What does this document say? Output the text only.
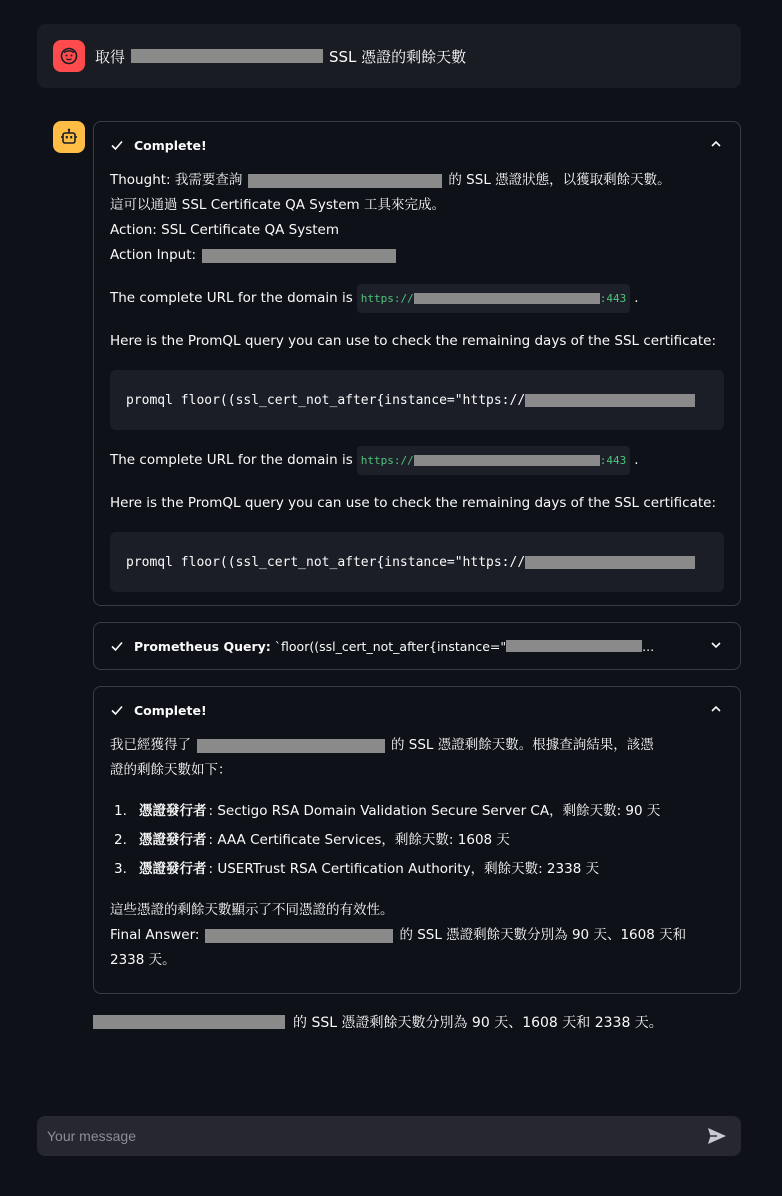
取得	SSL 憑證的剩餘天數
Complete!
Thought: 我需要查詢	的 SSL 憑證狀態，以獲取剩餘天數。
這可以通過 SSL Certificate QA System 工具來完成。
Action: SSL Certificate QA System
Action Input:
The complete URL for the domain is https://	:443 .
Here is the PromQL query you can use to check the remaining days of the SSL certificate:
promql floor((ssl_cert_not_after{instance="https://
The complete URL for the domain is https://	:443 .
Here is the PromQL query you can use to check the remaining days of the SSL certificate:
promql floor((ssl_cert_not_after{instance="https://
Prometheus Query: `floor((ssl_cert_not_after{instance="	...
Complete!
我已經獲得了	的 SSL 憑證剩餘天數。根據查詢結果，該憑
證的剩餘天數如下：
1. 憑證發行者 : Sectigo RSA Domain Validation Secure Server CA，剩餘天數: 90 天
2. 憑證發行者 : AAA Certificate Services，剩餘天數: 1608 天
3. 憑證發行者 : USERTrust RSA Certification Authority，剩餘天數: 2338 天
這些憑證的剩餘天數顯示了不同憑證的有效性。
Final Answer:	的 SSL 憑證剩餘天數分別為 90 天、1608 天和
2338 天。
的 SSL 憑證剩餘天數分別為 90 天、1608 天和 2338 天。
Your message
